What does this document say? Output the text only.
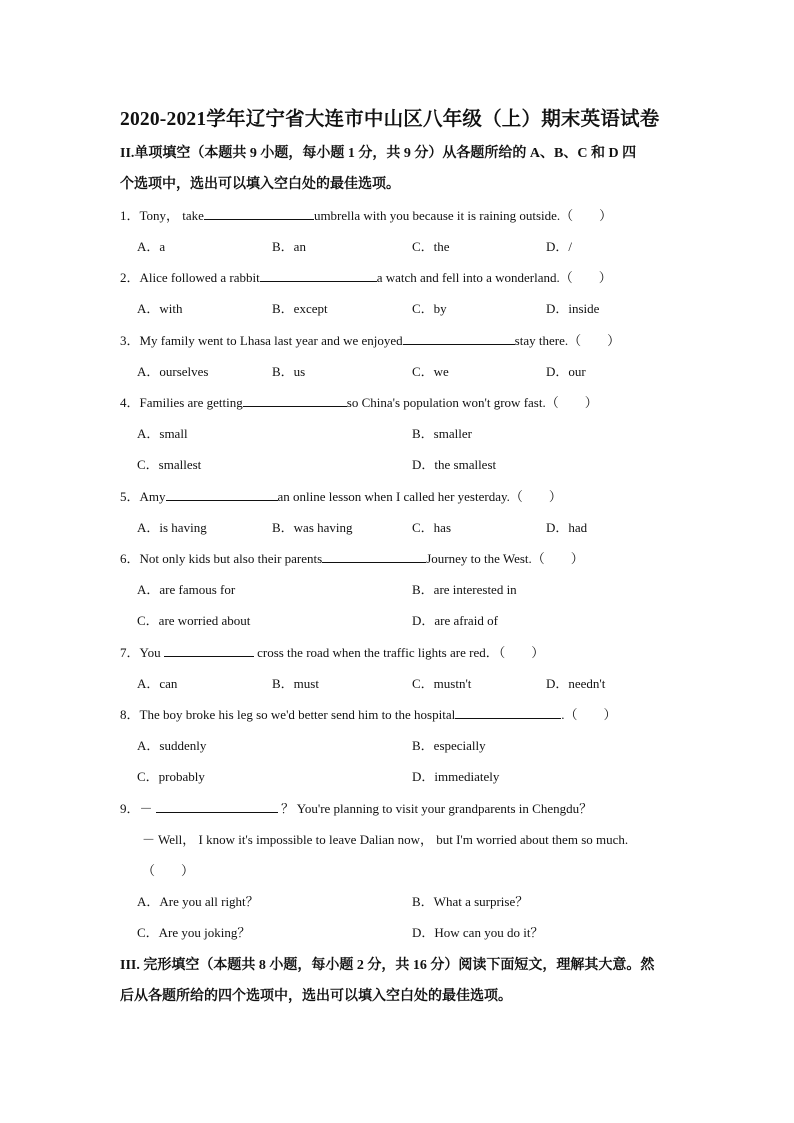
2020-2021学年辽宁省大连市中山区八年级（上）期末英语试卷
II.单项填空（本题共 9 小题，每小题 1 分，共 9 分）从各题所给的 A、B、C 和 D 四
个选项中，选出可以填入空白处的最佳选项。
1．Tony， take	umbrella with you because it is raining outside.（　　）
A．a	B．an	C．the	D．/
2．Alice followed a rabbit	a watch and fell into a wonderland.（　　）
A．with	B．except	C．by	D．inside
3．My family went to Lhasa last year and we enjoyed	stay there.（　　）
A．ourselves	B．us	C．we	D．our
4．Families are getting	so China's population won't grow fast.（　　）
A．small	B．smaller
C．smallest	D．the smallest
5．Amy	an online lesson when I called her yesterday.（　　）
A．is having	B．was having	C．has	D．had
6．Not only kids but also their parents	Journey to the West.（　　）
A．are famous for	B．are interested in
C．are worried about	D．are afraid of
7．You	cross the road when the traffic lights are red．（　　）
A．can	B．must	C．mustn't	D．needn't
8．The boy broke his leg so we'd better send him to the hospital	.（　　）
A．suddenly	B．especially
C．probably	D．immediately
9．－	？ You're planning to visit your grandparents in Chengdu？
－ Well， I know it's impossible to leave Dalian now， but I'm worried about them so much.
（　　）
A．Are you all right？	B．What a surprise？
C．Are you joking？	D．How can you do it？
III. 完形填空（本题共 8 小题，每小题 2 分，共 16 分）阅读下面短文，理解其大意。然
后从各题所给的四个选项中，选出可以填入空白处的最佳选项。
